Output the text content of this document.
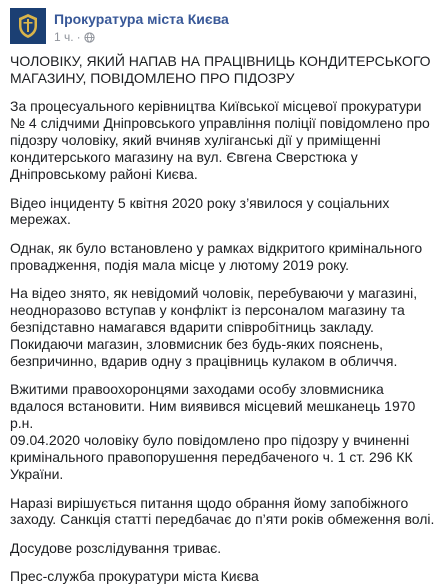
Прокуратура міста Києва
1 ч. ·

ЧОЛОВІКУ, ЯКИЙ НАПАВ НА ПРАЦІВНИЦЬ КОНДИТЕРСЬКОГО МАГАЗИНУ, ПОВІДОМЛЕНО ПРО ПІДОЗРУ

За процесуального керівництва Київської місцевої прокуратури № 4 слідчими Дніпровського управління поліції повідомлено про підозру чоловіку, який вчиняв хуліганські дії у приміщенні кондитерського магазину на вул. Євгена Сверстюка у Дніпровському районі Києва.

Відео інциденту 5 квітня 2020 року з’явилося у соціальних мережах.

Однак, як було встановлено у рамках відкритого кримінального провадження, подія мала місце у лютому 2019 року.

На відео знято, як невідомий чоловік, перебуваючи у магазині, неодноразово вступав у конфлікт із персоналом магазину та безпідставно намагався вдарити співробітниць закладу. Покидаючи магазин, зловмисник без будь-яких пояснень, безпричинно, вдарив одну з працівниць кулаком в обличчя.

Вжитими правоохоронцями заходами особу зловмисника вдалося встановити. Ним виявився місцевий мешканець 1970 р.н.
09.04.2020 чоловіку було повідомлено про підозру у вчиненні кримінального правопорушення передбаченого ч. 1 ст. 296 КК України.

Наразі вирішується питання щодо обрання йому запобіжного заходу. Санкція статті передбачає до п’яти років обмеження волі.

Досудове розслідування триває.

Прес-служба прокуратури міста Києва
